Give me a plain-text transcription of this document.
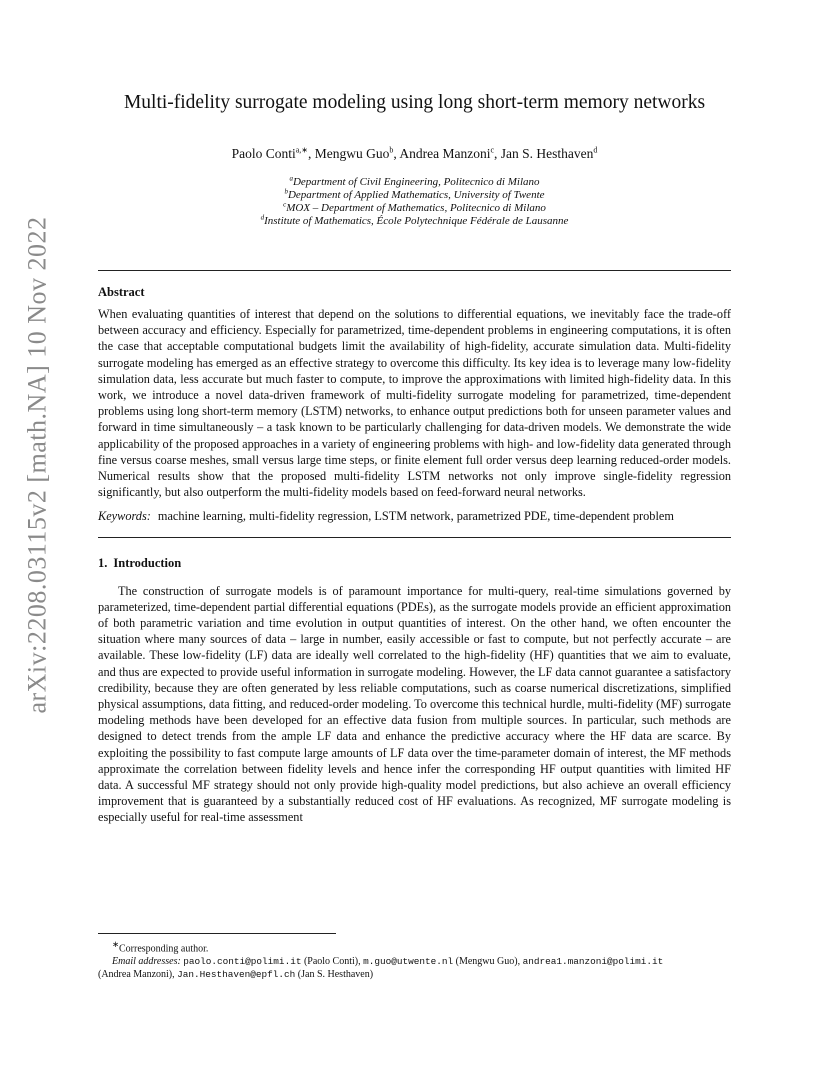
arXiv:2208.03115v2 [math.NA] 10 Nov 2022
Multi-fidelity surrogate modeling using long short-term memory networks
Paolo Conti$^{a,∗}$, Mengwu Guo$^b$, Andrea Manzoni$^c$, Jan S. Hesthaven$^d$
$^a$Department of Civil Engineering, Politecnico di Milano
$^b$Department of Applied Mathematics, University of Twente
$^c$MOX – Department of Mathematics, Politecnico di Milano
$^d$Institute of Mathematics, École Polytechnique Fédérale de Lausanne
Abstract

When evaluating quantities of interest that depend on the solutions to differential equations, we inevitably face the trade-off between accuracy and efficiency. Especially for parametrized, time-dependent problems in engineering computations, it is often the case that acceptable computational budgets limit the availability of high-fidelity, accurate simulation data. Multi-fidelity surrogate modeling has emerged as an effective strategy to overcome this difficulty. Its key idea is to leverage many low-fidelity simulation data, less accurate but much faster to compute, to improve the approximations with limited high-fidelity data. In this work, we introduce a novel data-driven framework of multi-fidelity surrogate modeling for parametrized, time-dependent problems using long short-term memory (LSTM) networks, to enhance output predictions both for unseen parameter values and forward in time simultaneously – a task known to be particularly challenging for data-driven models. We demonstrate the wide applicability of the proposed approaches in a variety of engineering problems with high- and low-fidelity data generated through fine versus coarse meshes, small versus large time steps, or finite element full order versus deep learning reduced-order models. Numerical results show that the proposed multi-fidelity LSTM networks not only improve single-fidelity regression significantly, but also outperform the multi-fidelity models based on feed-forward neural networks.

Keywords: machine learning, multi-fidelity regression, LSTM network, parametrized PDE, time-dependent problem
1. Introduction

The construction of surrogate models is of paramount importance for multi-query, real-time simulations governed by parameterized, time-dependent partial differential equations (PDEs), as the surrogate models provide an efficient approximation of both parametric variation and time evolution in output quantities of interest. On the other hand, we often encounter the situation where many sources of data – large in number, easily accessible or fast to compute, but not perfectly accurate – are available. These low-fidelity (LF) data are ideally well correlated to the high-fidelity (HF) quantities that we aim to evaluate, and thus are expected to provide useful information in surrogate modeling. However, the LF data cannot guarantee a satisfactory credibility, because they are often generated by less reliable computations, such as coarse numerical discretizations, simplified physical assumptions, data fitting, and reduced-order modeling. To overcome this technical hurdle, multi-fidelity (MF) surrogate modeling methods have been developed for an effective data fusion from multiple sources. In particular, such methods are designed to detect trends from the ample LF data and enhance the predictive accuracy where the HF data are scarce. By exploiting the possibility to fast compute large amounts of LF data over the time-parameter domain of interest, the MF methods approximate the correlation between fidelity levels and hence infer the corresponding HF output quantities with limited HF data. A successful MF strategy should not only provide high-quality model predictions, but also achieve an overall efficiency improvement that is guaranteed by a substantially reduced cost of HF evaluations. As recognized, MF surrogate modeling is especially useful for real-time assessment

∗Corresponding author.

Email addresses: paolo.conti@polimi.it (Paolo Conti), m.guo@utwente.nl (Mengwu Guo), andrea1.manzoni@polimi.it

(Andrea Manzoni), Jan.Hesthaven@epfl.ch (Jan S. Hesthaven)
